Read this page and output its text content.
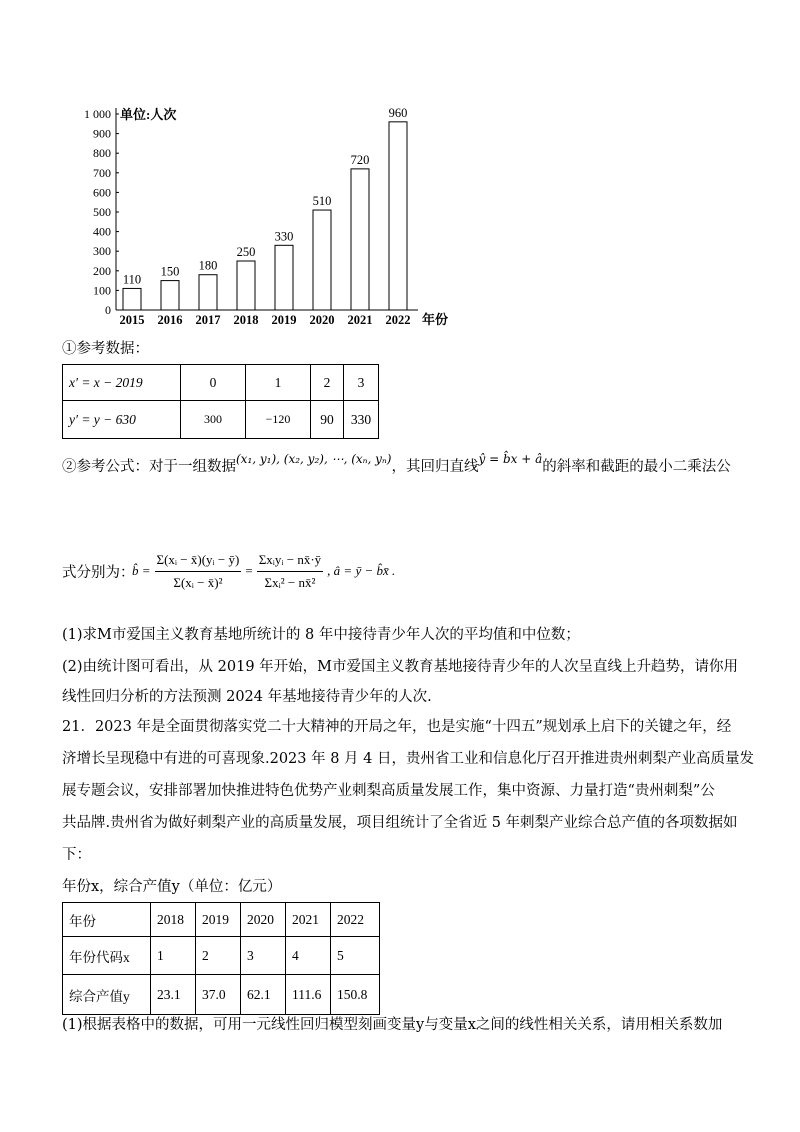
0
100
200
300
400
500
600
700
800
900
1 000 单位:人次
110
2015
150
2016
180
2017
250
2018
330
2019
510
2020
720
2021
960
2022 年份
①参考数据：
x′ = x − 2019	0	1	2	3
y′ = y − 630	300	−120	90	330
②参考公式：对于一组数据$^{(x_1, y_1), (x_2, y_2), \cdots, (x_n, y_n)}$，其回归直线$^{ŷ = b̂x + â}$的斜率和截距的最小二乘法公
式分别为：
b̂ = $\frac{\text{Σ(xᵢ − x̄)(yᵢ − ȳ)}}{\text{Σ(xᵢ − x̄)²}}$ =
Σxᵢyᵢ − nx̄·ȳ
Σxᵢ² − nx̄²
, â = ȳ − b̂x̄ .
(1)求M市爱国主义教育基地所统计的 8 年中接待青少年人次的平均值和中位数；
(2)由统计图可看出，从 2019 年开始，M市爱国主义教育基地接待青少年的人次呈直线上升趋势，请你用
线性回归分析的方法预测 2024 年基地接待青少年的人次.
21．2023 年是全面贯彻落实党二十大精神的开局之年，也是实施“十四五”规划承上启下的关键之年，经
济增长呈现稳中有进的可喜现象.2023 年 8 月 4 日，贵州省工业和信息化厅召开推进贵州刺梨产业高质量发
展专题会议，安排部署加快推进特色优势产业刺梨高质量发展工作，集中资源、力量打造“贵州刺梨”公
共品牌.贵州省为做好刺梨产业的高质量发展，项目组统计了全省近 5 年刺梨产业综合总产值的各项数据如
下：
年份x，综合产值y（单位：亿元）
年份	2018	2019	2020	2021	2022
年份代码x	1	2	3	4	5
综合产值y	23.1	37.0	62.1	111.6	150.8
(1)根据表格中的数据，可用一元线性回归模型刻画变量y与变量x之间的线性相关关系，请用相关系数加
